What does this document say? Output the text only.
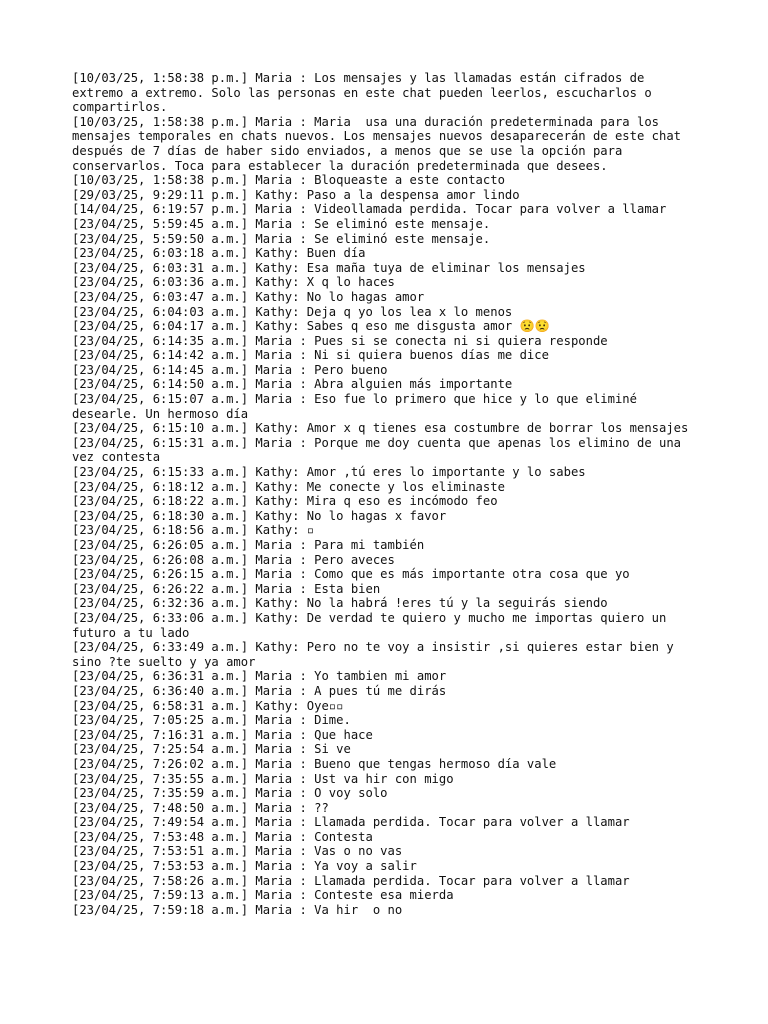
[10/03/25, 1:58:38 p.m.] Maria : Los mensajes y las llamadas están cifrados de extremo a extremo. Solo las personas en este chat pueden leerlos, escucharlos o compartirlos.
[10/03/25, 1:58:38 p.m.] Maria : Maria  usa una duración predeterminada para los mensajes temporales en chats nuevos. Los mensajes nuevos desaparecerán de este chat después de 7 días de haber sido enviados, a menos que se use la opción para conservarlos. Toca para establecer la duración predeterminada que desees.
[10/03/25, 1:58:38 p.m.] Maria : Bloqueaste a este contacto
[29/03/25, 9:29:11 p.m.] Kathy: Paso a la despensa amor lindo
[14/04/25, 6:19:57 p.m.] Maria : Videollamada perdida. Tocar para volver a llamar
[23/04/25, 5:59:45 a.m.] Maria : Se eliminó este mensaje.
[23/04/25, 5:59:50 a.m.] Maria : Se eliminó este mensaje.
[23/04/25, 6:03:18 a.m.] Kathy: Buen día
[23/04/25, 6:03:31 a.m.] Kathy: Esa maña tuya de eliminar los mensajes
[23/04/25, 6:03:36 a.m.] Kathy: X q lo haces
[23/04/25, 6:03:47 a.m.] Kathy: No lo hagas amor
[23/04/25, 6:04:03 a.m.] Kathy: Deja q yo los lea x lo menos
[23/04/25, 6:04:17 a.m.] Kathy: Sabes q eso me disgusta amor 😟😟
[23/04/25, 6:14:35 a.m.] Maria : Pues si se conecta ni si quiera responde
[23/04/25, 6:14:42 a.m.] Maria : Ni si quiera buenos días me dice
[23/04/25, 6:14:45 a.m.] Maria : Pero bueno
[23/04/25, 6:14:50 a.m.] Maria : Abra alguien más importante
[23/04/25, 6:15:07 a.m.] Maria : Eso fue lo primero que hice y lo que eliminé desearle. Un hermoso día
[23/04/25, 6:15:10 a.m.] Kathy: Amor x q tienes esa costumbre de borrar los mensajes
[23/04/25, 6:15:31 a.m.] Maria : Porque me doy cuenta que apenas los elimino de una vez contesta
[23/04/25, 6:15:33 a.m.] Kathy: Amor ,tú eres lo importante y lo sabes
[23/04/25, 6:18:12 a.m.] Kathy: Me conecte y los eliminaste
[23/04/25, 6:18:22 a.m.] Kathy: Mira q eso es incómodo feo
[23/04/25, 6:18:30 a.m.] Kathy: No lo hagas x favor
[23/04/25, 6:18:56 a.m.] Kathy: ▫
[23/04/25, 6:26:05 a.m.] Maria : Para mi también
[23/04/25, 6:26:08 a.m.] Maria : Pero aveces
[23/04/25, 6:26:15 a.m.] Maria : Como que es más importante otra cosa que yo
[23/04/25, 6:26:22 a.m.] Maria : Esta bien
[23/04/25, 6:32:36 a.m.] Kathy: No la habrá !eres tú y la seguirás siendo
[23/04/25, 6:33:06 a.m.] Kathy: De verdad te quiero y mucho me importas quiero un futuro a tu lado
[23/04/25, 6:33:49 a.m.] Kathy: Pero no te voy a insistir ,si quieres estar bien y sino ?te suelto y ya amor
[23/04/25, 6:36:31 a.m.] Maria : Yo tambien mi amor
[23/04/25, 6:36:40 a.m.] Maria : A pues tú me dirás
[23/04/25, 6:58:31 a.m.] Kathy: Oye▫▫
[23/04/25, 7:05:25 a.m.] Maria : Dime.
[23/04/25, 7:16:31 a.m.] Maria : Que hace
[23/04/25, 7:25:54 a.m.] Maria : Si ve
[23/04/25, 7:26:02 a.m.] Maria : Bueno que tengas hermoso día vale
[23/04/25, 7:35:55 a.m.] Maria : Ust va hir con migo
[23/04/25, 7:35:59 a.m.] Maria : O voy solo
[23/04/25, 7:48:50 a.m.] Maria : ??
[23/04/25, 7:49:54 a.m.] Maria : Llamada perdida. Tocar para volver a llamar
[23/04/25, 7:53:48 a.m.] Maria : Contesta
[23/04/25, 7:53:51 a.m.] Maria : Vas o no vas
[23/04/25, 7:53:53 a.m.] Maria : Ya voy a salir
[23/04/25, 7:58:26 a.m.] Maria : Llamada perdida. Tocar para volver a llamar
[23/04/25, 7:59:13 a.m.] Maria : Conteste esa mierda
[23/04/25, 7:59:18 a.m.] Maria : Va hir  o no
